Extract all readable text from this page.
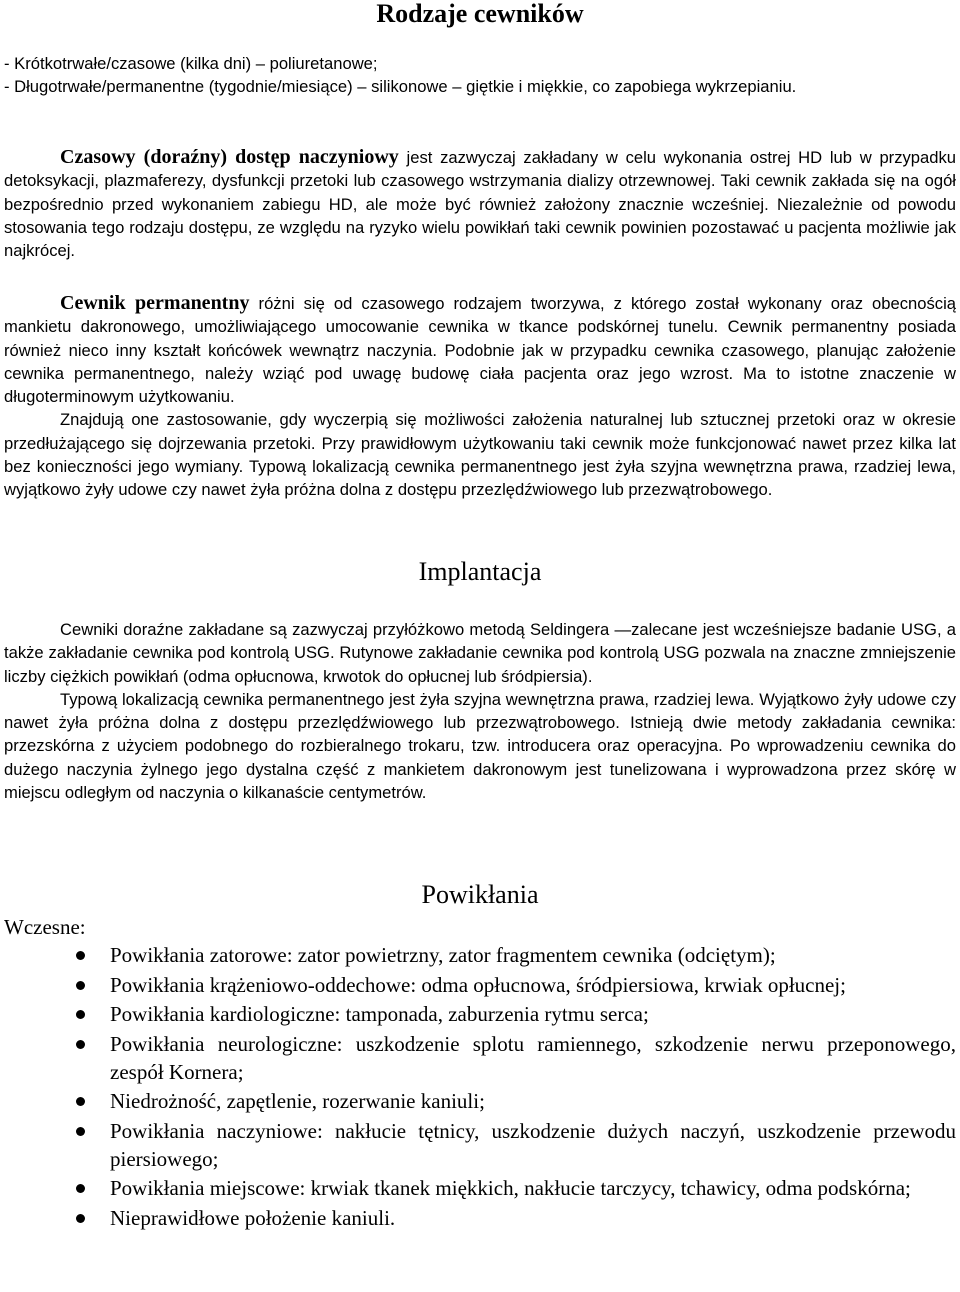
Rodzaje cewników

- Krótkotrwałe/czasowe (kilka dni) – poliuretanowe;

- Długotrwałe/permanentne (tygodnie/miesiące) – silikonowe – giętkie i miękkie, co zapobiega wykrzepianiu.

Czasowy (doraźny) dostęp naczyniowy jest zazwyczaj zakładany w celu wykonania ostrej HD lub w przypadku detoksykacji, plazmaferezy, dysfunkcji przetoki lub czasowego wstrzymania dializy otrzewnowej. Taki cewnik zakłada się na ogół bezpośrednio przed wykonaniem zabiegu HD, ale może być również założony znacznie wcześniej. Niezależnie od powodu stosowania tego rodzaju dostępu, ze względu na ryzyko wielu powikłań taki cewnik powinien pozostawać u pacjenta możliwie jak najkrócej.

Cewnik permanentny różni się od czasowego rodzajem tworzywa, z którego został wykonany oraz obecnością mankietu dakronowego, umożliwiającego umocowanie cewnika w tkance podskórnej tunelu. Cewnik permanentny posiada również nieco inny kształt końcówek wewnątrz naczynia. Podobnie jak w przypadku cewnika czasowego, planując założenie cewnika permanentnego, należy wziąć pod uwagę budowę ciała pacjenta oraz jego wzrost. Ma to istotne znaczenie w długoterminowym użytkowaniu.

Znajdują one zastosowanie, gdy wyczerpią się możliwości założenia naturalnej lub sztucznej przetoki oraz w okresie przedłużającego się dojrzewania przetoki. Przy prawidłowym użytkowaniu taki cewnik może funkcjonować nawet przez kilka lat bez konieczności jego wymiany. Typową lokalizacją cewnika permanentnego jest żyła szyjna wewnętrzna prawa, rzadziej lewa, wyjątkowo żyły udowe czy nawet żyła próżna dolna z dostępu przezlędźwiowego lub przezwątrobowego.

Implantacja

Cewniki doraźne zakładane są zazwyczaj przyłóżkowo metodą Seldingera —zalecane jest wcześniejsze badanie USG, a także zakładanie cewnika pod kontrolą USG. Rutynowe zakładanie cewnika pod kontrolą USG pozwala na znaczne zmniejszenie liczby ciężkich powikłań (odma opłucnowa, krwotok do opłucnej lub śródpiersia).

Typową lokalizacją cewnika permanentnego jest żyła szyjna wewnętrzna prawa, rzadziej lewa. Wyjątkowo żyły udowe czy nawet żyła próżna dolna z dostępu przezlędźwiowego lub przezwątrobowego. Istnieją dwie metody zakładania cewnika: przezskórna z użyciem podobnego do rozbieralnego trokaru, tzw. introducera oraz operacyjna. Po wprowadzeniu cewnika do dużego naczynia żylnego jego dystalna część z mankietem dakronowym jest tunelizowana i wyprowadzona przez skórę w miejscu odległym od naczynia o kilkanaście centymetrów.

Powikłania
Wczesne:
Powikłania zatorowe: zator powietrzny, zator fragmentem cewnika (odciętym);
Powikłania krążeniowo-oddechowe: odma opłucnowa, śródpiersiowa, krwiak opłucnej;
Powikłania kardiologiczne: tamponada, zaburzenia rytmu serca;
Powikłania neurologiczne: uszkodzenie splotu ramiennego, szkodzenie nerwu przeponowego, zespół Kornera;
Niedrożność, zapętlenie, rozerwanie kaniuli;
Powikłania naczyniowe: nakłucie tętnicy, uszkodzenie dużych naczyń, uszkodzenie przewodu piersiowego;
Powikłania miejscowe: krwiak tkanek miękkich, nakłucie tarczycy, tchawicy, odma podskórna;
Nieprawidłowe położenie kaniuli.
